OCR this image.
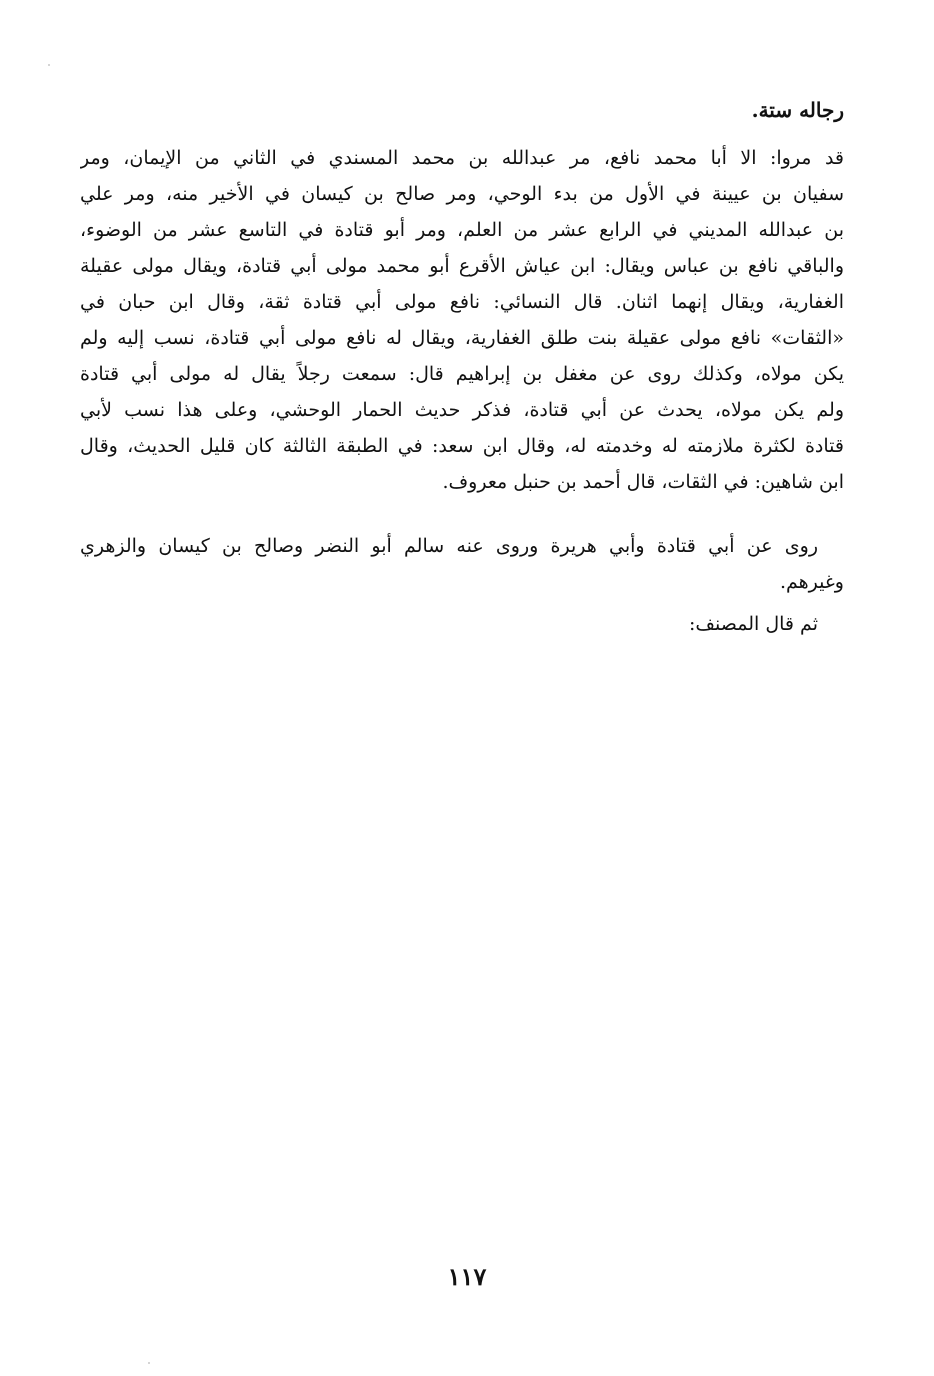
رجاله ستة.
قد مروا: الا أبا محمد نافع، مر عبدالله بن محمد المسندي في الثاني من الإيمان، ومر
سفيان بن عيينة في الأول من بدء الوحي، ومر صالح بن كيسان في الأخير منه، ومر علي
بن عبدالله المديني في الرابع عشر من العلم، ومر أبو قتادة في التاسع عشر من الوضوء،
والباقي نافع بن عباس ويقال: ابن عياش الأقرع أبو محمد مولى أبي قتادة، ويقال مولى عقيلة
الغفارية، ويقال إنهما اثنان. قال النسائي: نافع مولى أبي قتادة ثقة، وقال ابن حبان في
«الثقات» نافع مولى عقيلة بنت طلق الغفارية، ويقال له نافع مولى أبي قتادة، نسب إليه ولم
يكن مولاه، وكذلك روى عن مغفل بن إبراهيم قال: سمعت رجلاً يقال له مولى أبي قتادة
ولم يكن مولاه، يحدث عن أبي قتادة، فذكر حديث الحمار الوحشي، وعلى هذا نسب لأبي
قتادة لكثرة ملازمته له وخدمته له، وقال ابن سعد: في الطبقة الثالثة كان قليل الحديث، وقال
ابن شاهين: في الثقات، قال أحمد بن حنبل معروف.
روى عن أبي قتادة وأبي هريرة وروى عنه سالم أبو النضر وصالح بن كيسان والزهري
وغيرهم.
ثم قال المصنف:
١١٧
